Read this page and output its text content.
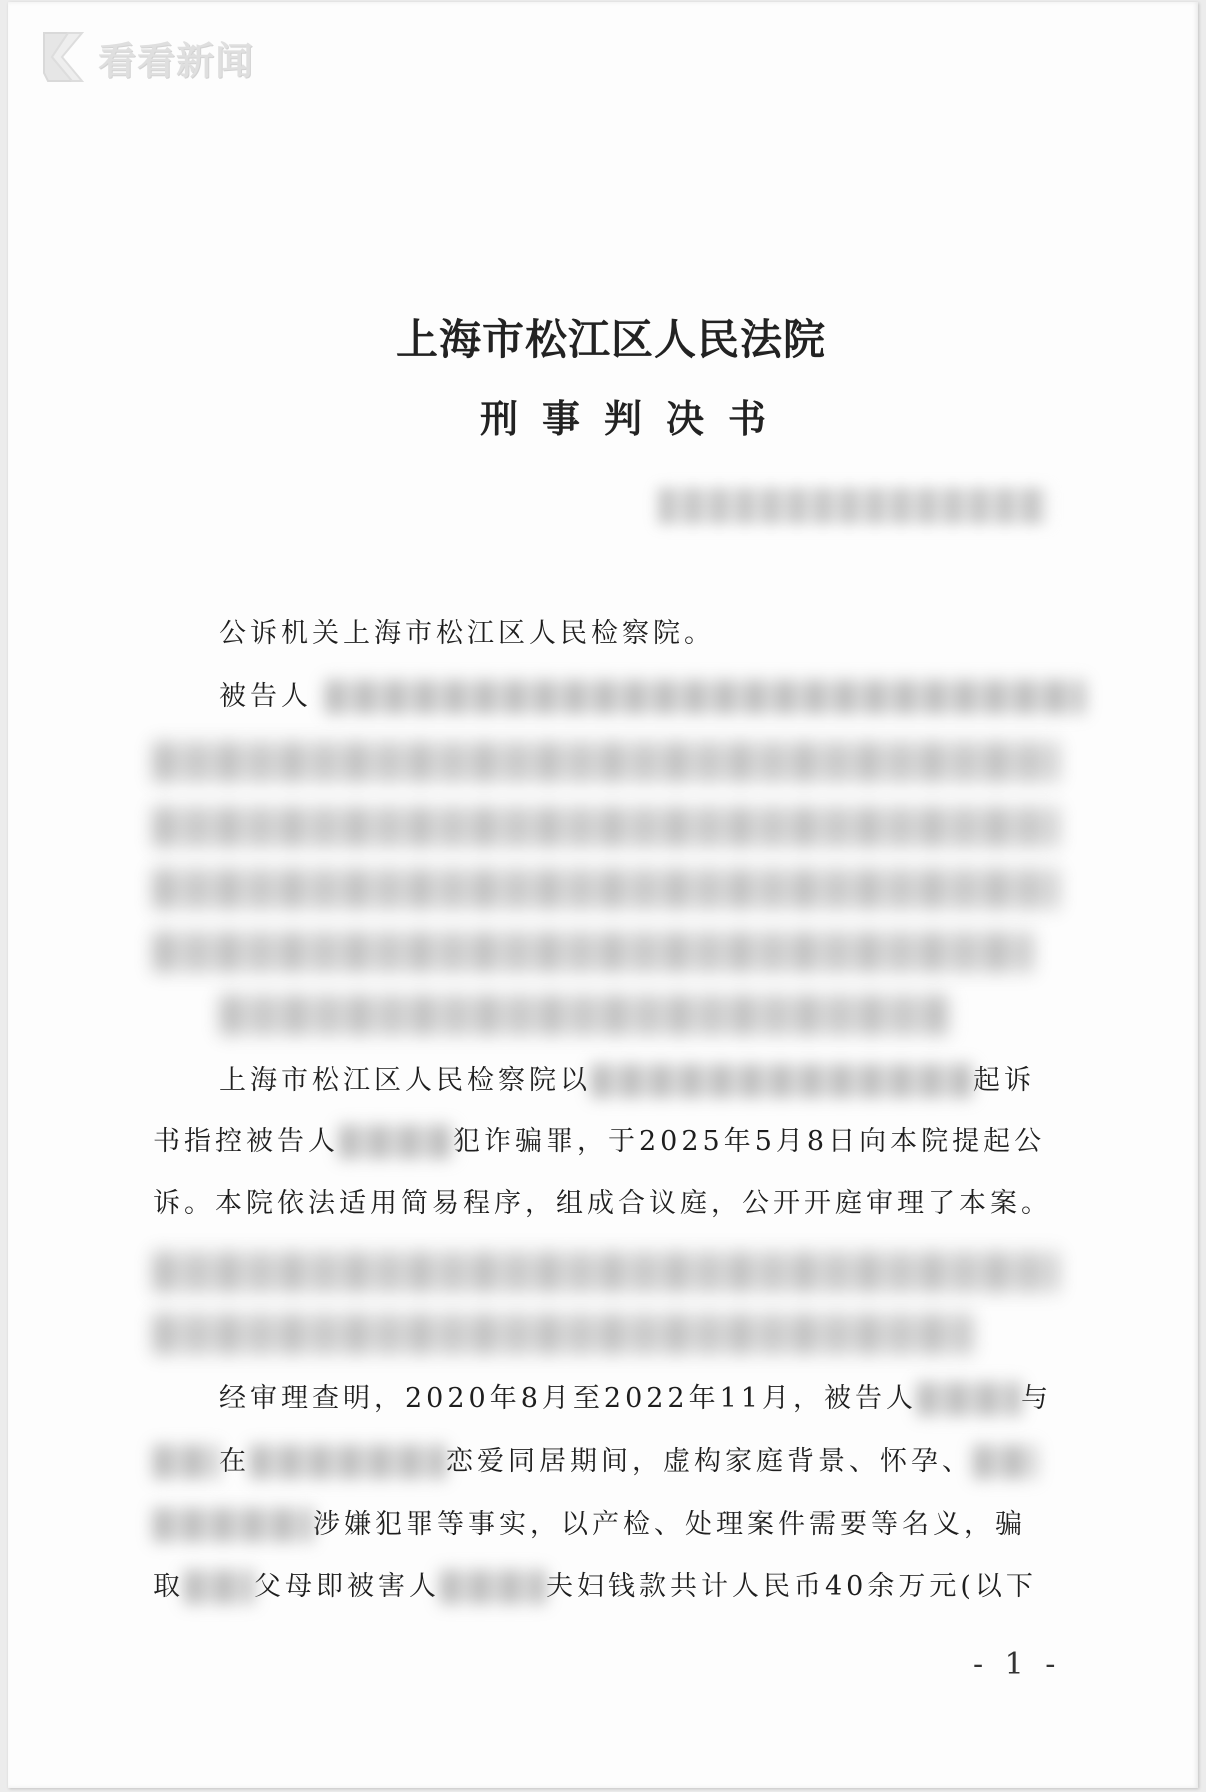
看看新闻
上海市松江区人民法院
刑事判决书
公诉机关上海市松江区人民检察院。
被告人
上海市松江区人民检察院以	起诉
书指控被告人	犯诈骗罪，于2025年5月8日向本院提起公
诉。本院依法适用简易程序，组成合议庭，公开开庭审理了本案。
经审理查明，2020年8月至2022年11月，被告人	与
在	恋爱同居期间，虚构家庭背景、怀孕、
涉嫌犯罪等事实，以产检、处理案件需要等名义，骗
取	父母即被害人	夫妇钱款共计人民币40余万元(以下
- 1 -
